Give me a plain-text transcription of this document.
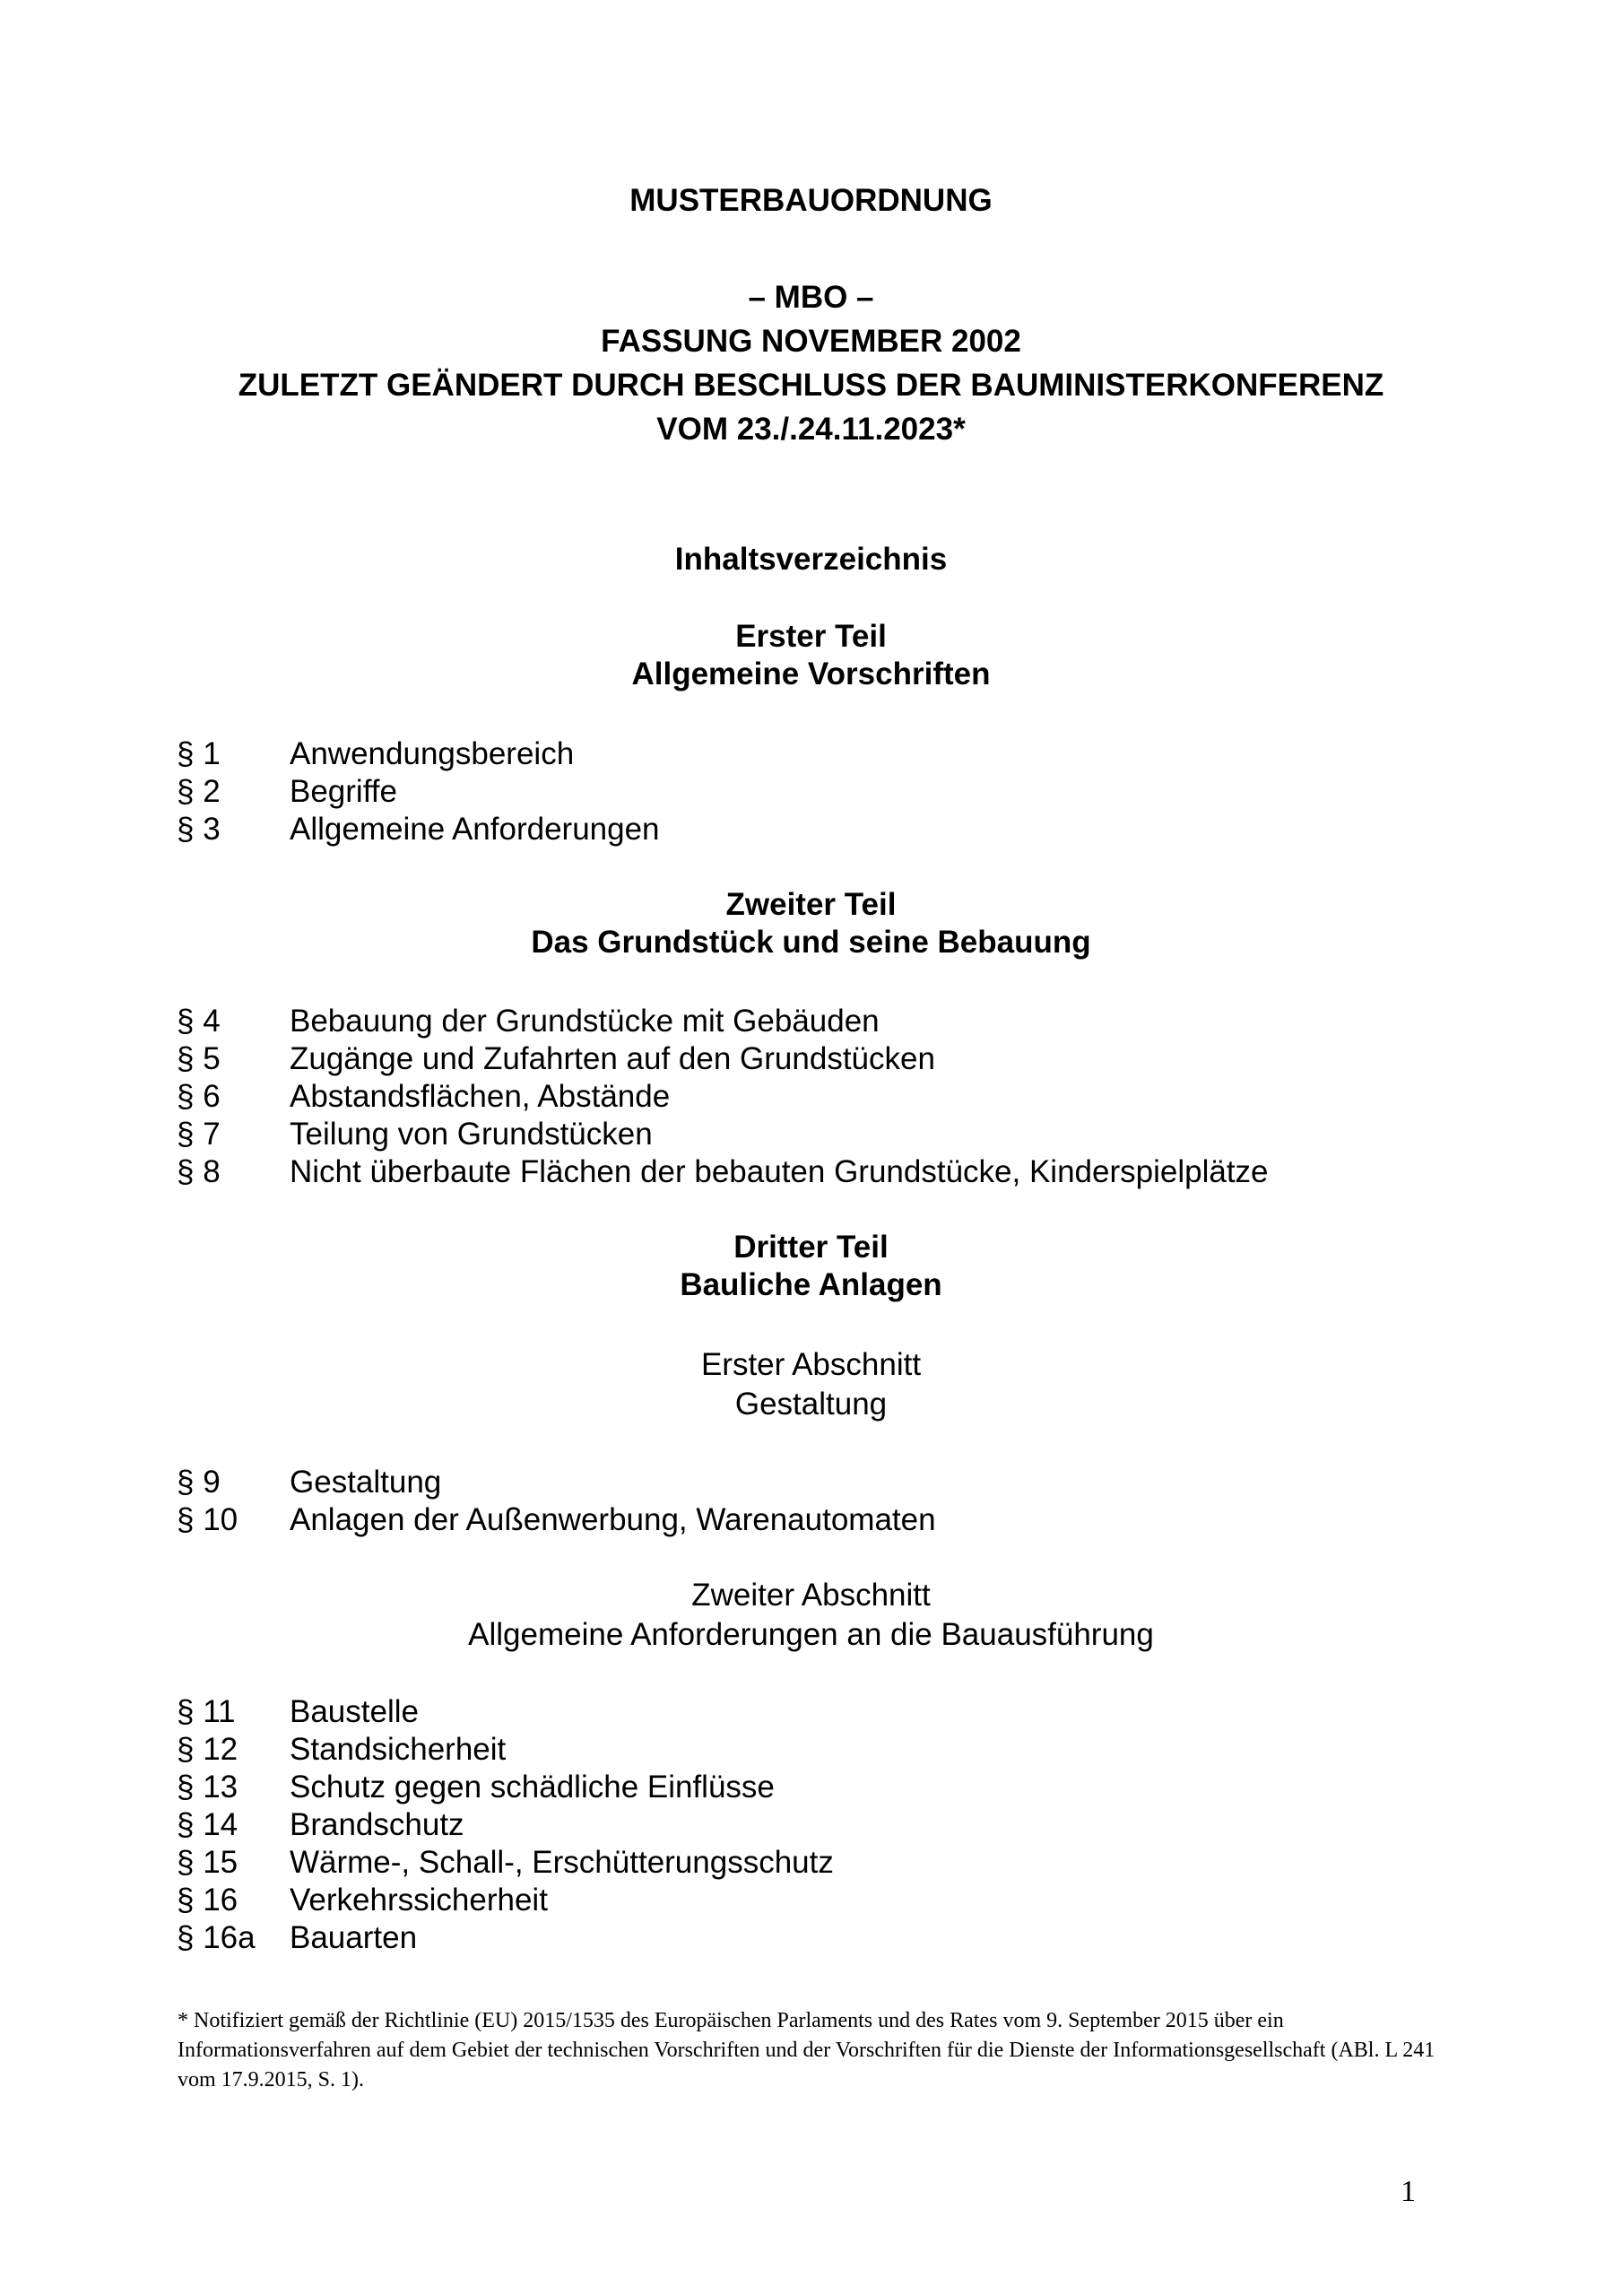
MUSTERBAUORDNUNG
– MBO –
FASSUNG NOVEMBER 2002
ZULETZT GEÄNDERT DURCH BESCHLUSS DER BAUMINISTERKONFERENZ
VOM 23./.24.11.2023*
Inhaltsverzeichnis
Erster Teil
Allgemeine Vorschriften
§ 1 Anwendungsbereich
§ 2 Begriffe
§ 3 Allgemeine Anforderungen
Zweiter Teil
Das Grundstück und seine Bebauung
§ 4 Bebauung der Grundstücke mit Gebäuden
§ 5 Zugänge und Zufahrten auf den Grundstücken
§ 6 Abstandsflächen, Abstände
§ 7 Teilung von Grundstücken
§ 8 Nicht überbaute Flächen der bebauten Grundstücke, Kinderspielplätze
Dritter Teil
Bauliche Anlagen
Erster Abschnitt
Gestaltung
§ 9 Gestaltung
§ 10 Anlagen der Außenwerbung, Warenautomaten
Zweiter Abschnitt
Allgemeine Anforderungen an die Bauausführung
§ 11 Baustelle
§ 12 Standsicherheit
§ 13 Schutz gegen schädliche Einflüsse
§ 14 Brandschutz
§ 15 Wärme-, Schall-, Erschütterungsschutz
§ 16 Verkehrssicherheit
§ 16a Bauarten
* Notifiziert gemäß der Richtlinie (EU) 2015/1535 des Europäischen Parlaments und des Rates vom 9. September 2015 über ein Informationsverfahren auf dem Gebiet der technischen Vorschriften und der Vorschriften für die Dienste der Informationsgesellschaft (ABl. L 241 vom 17.9.2015, S. 1).
1
